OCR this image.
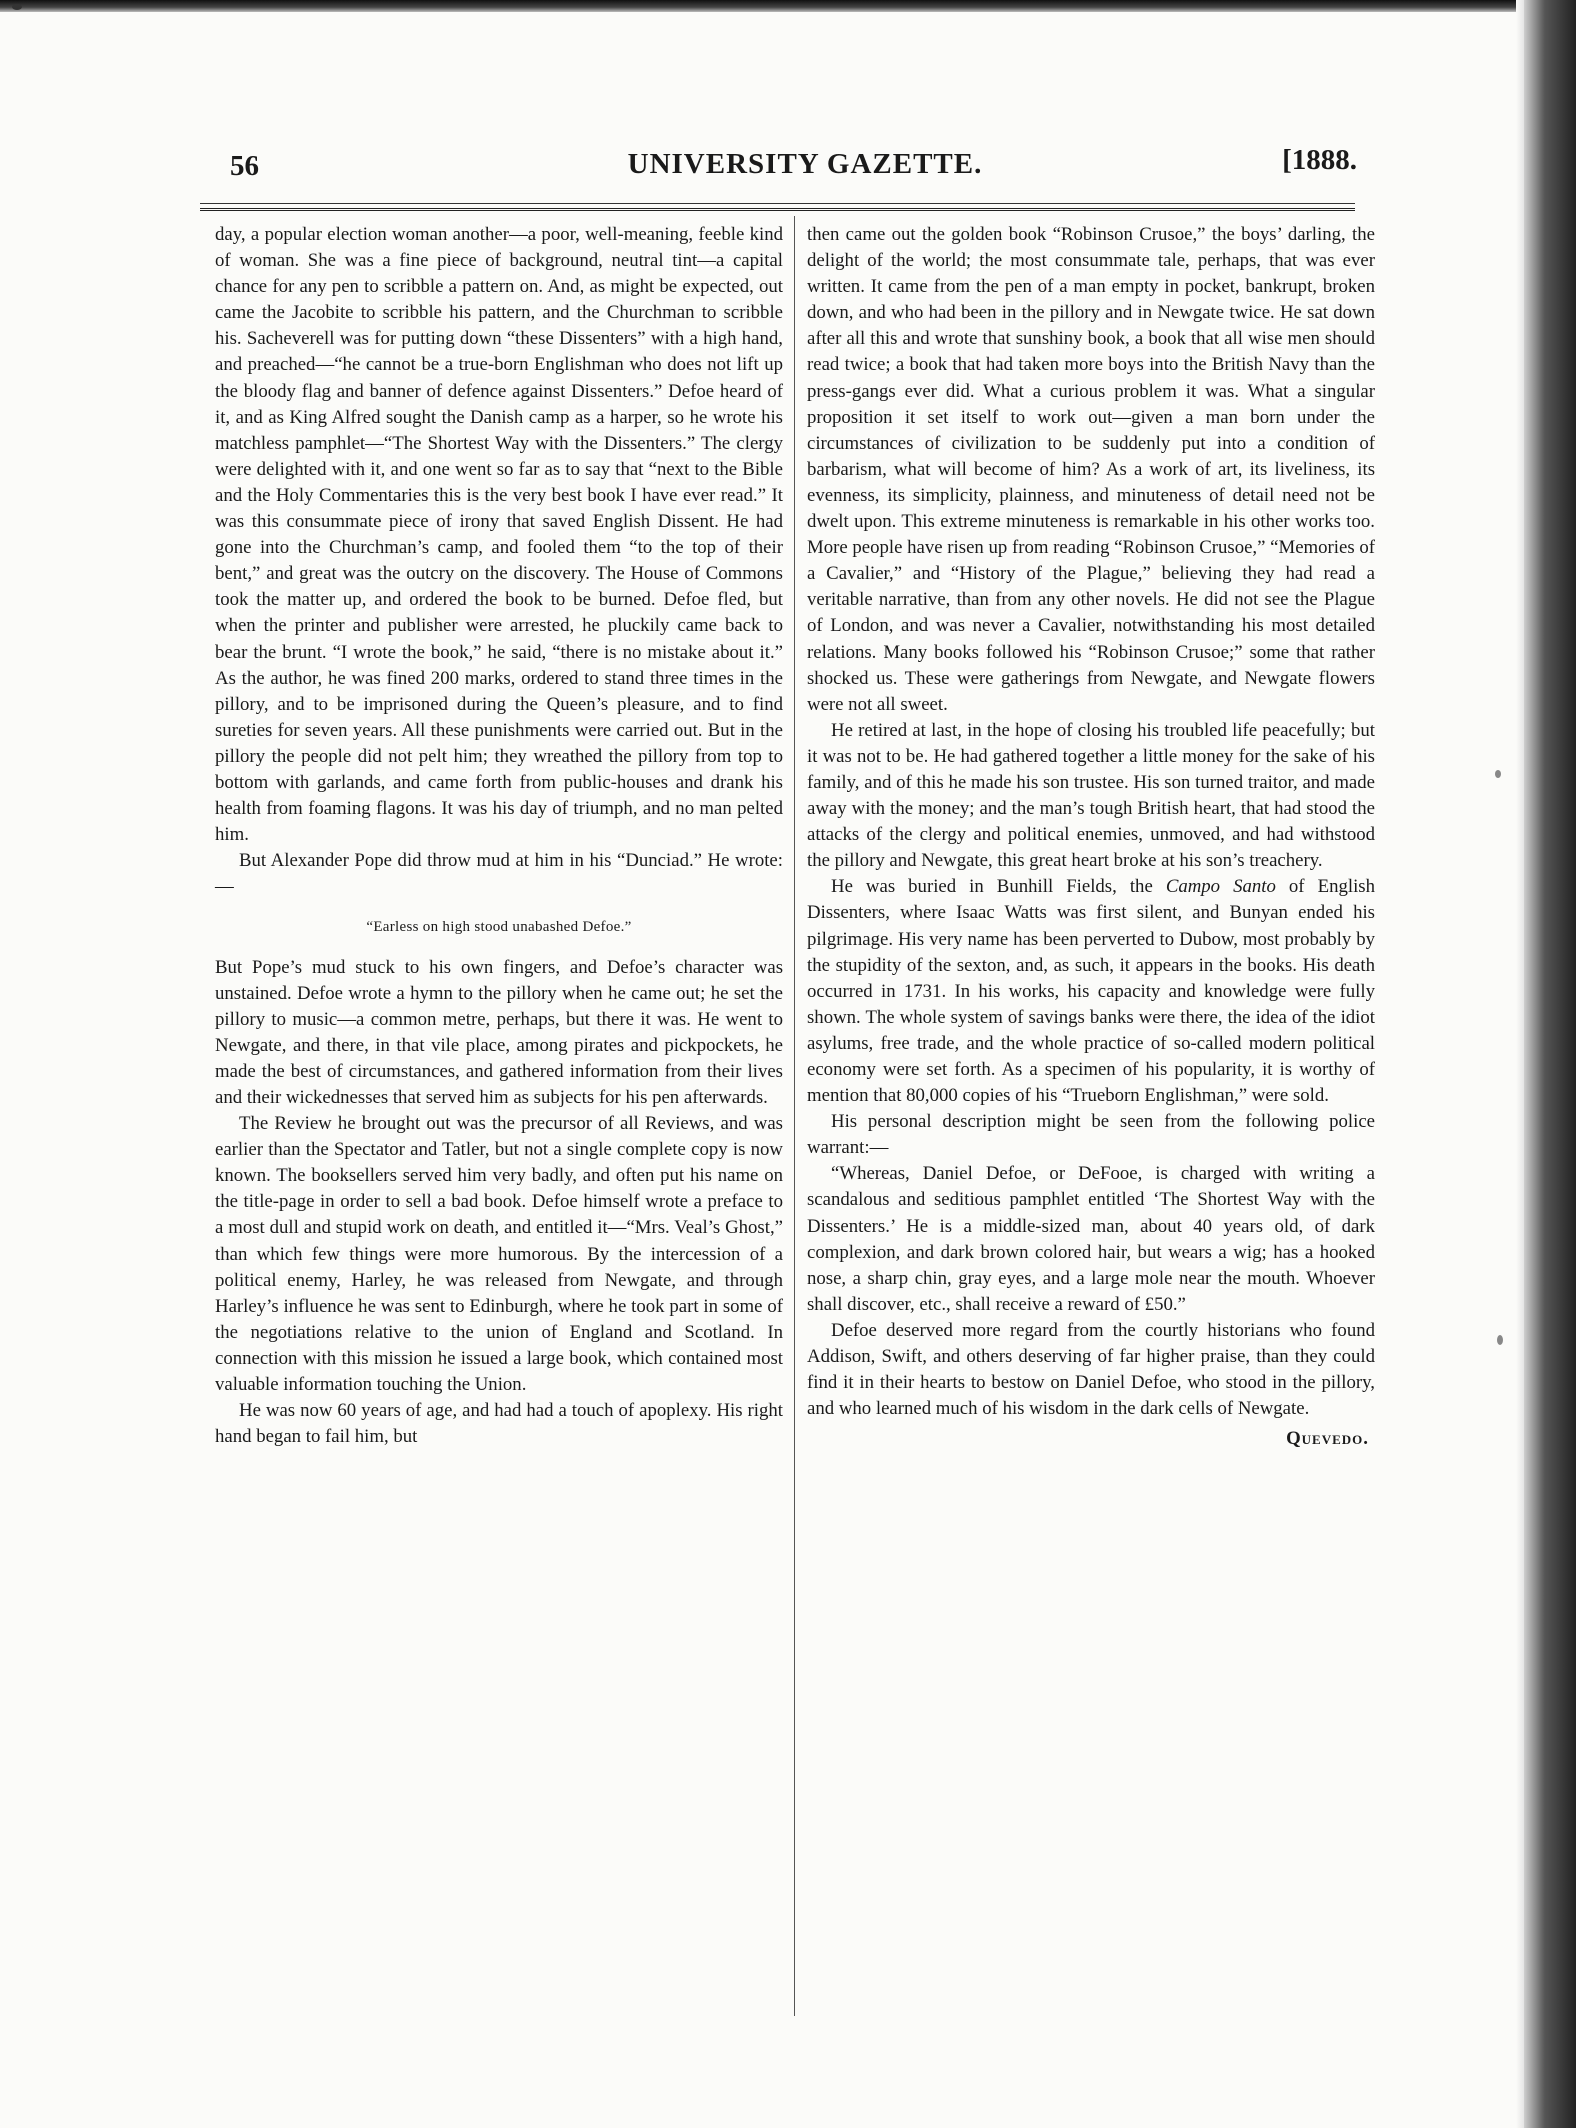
56	UNIVERSITY GAZETTE.	[1888.

day, a popular election woman another—a poor, well-meaning, feeble kind of woman. She was a fine piece of background, neutral tint—a capital chance for any pen to scribble a pattern on. And, as might be expected, out came the Jacobite to scribble his pattern, and the Churchman to scribble his. Sacheverell was for putting down “these Dissenters” with a high hand, and preached—“he cannot be a true-born Englishman who does not lift up the bloody flag and banner of defence against Dissenters.” Defoe heard of it, and as King Alfred sought the Danish camp as a harper, so he wrote his matchless pamphlet—“The Shortest Way with the Dissenters.” The clergy were delighted with it, and one went so far as to say that “next to the Bible and the Holy Commentaries this is the very best book I have ever read.” It was this consummate piece of irony that saved English Dissent. He had gone into the Churchman’s camp, and fooled them “to the top of their bent,” and great was the outcry on the discovery. The House of Commons took the matter up, and ordered the book to be burned. Defoe fled, but when the printer and publisher were arrested, he pluckily came back to bear the brunt. “I wrote the book,” he said, “there is no mistake about it.” As the author, he was fined 200 marks, ordered to stand three times in the pillory, and to be imprisoned during the Queen’s pleasure, and to find sureties for seven years. All these punishments were carried out. But in the pillory the people did not pelt him; they wreathed the pillory from top to bottom with garlands, and came forth from public-houses and drank his health from foaming flagons. It was his day of triumph, and no man pelted him.

But Alexander Pope did throw mud at him in his “Dunciad.” He wrote:—

“Earless on high stood unabashed Defoe.”

But Pope’s mud stuck to his own fingers, and Defoe’s character was unstained. Defoe wrote a hymn to the pillory when he came out; he set the pillory to music—a common metre, perhaps, but there it was. He went to Newgate, and there, in that vile place, among pirates and pickpockets, he made the best of circumstances, and gathered information from their lives and their wickednesses that served him as subjects for his pen afterwards.

The Review he brought out was the precursor of all Reviews, and was earlier than the Spectator and Tatler, but not a single complete copy is now known. The booksellers served him very badly, and often put his name on the title-page in order to sell a bad book. Defoe himself wrote a preface to a most dull and stupid work on death, and entitled it—“Mrs. Veal’s Ghost,” than which few things were more humorous. By the intercession of a political enemy, Harley, he was released from Newgate, and through Harley’s influence he was sent to Edinburgh, where he took part in some of the negotiations relative to the union of England and Scotland. In connection with this mission he issued a large book, which contained most valuable information touching the Union.

He was now 60 years of age, and had had a touch of apoplexy. His right hand began to fail him, but

then came out the golden book “Robinson Crusoe,” the boys’ darling, the delight of the world; the most consummate tale, perhaps, that was ever written. It came from the pen of a man empty in pocket, bankrupt, broken down, and who had been in the pillory and in Newgate twice. He sat down after all this and wrote that sunshiny book, a book that all wise men should read twice; a book that had taken more boys into the British Navy than the press-gangs ever did. What a curious problem it was. What a singular proposition it set itself to work out—given a man born under the circumstances of civilization to be suddenly put into a condition of barbarism, what will become of him? As a work of art, its liveliness, its evenness, its simplicity, plainness, and minuteness of detail need not be dwelt upon. This extreme minuteness is remarkable in his other works too. More people have risen up from reading “Robinson Crusoe,” “Memories of a Cavalier,” and “History of the Plague,” believing they had read a veritable narrative, than from any other novels. He did not see the Plague of London, and was never a Cavalier, notwithstanding his most detailed relations. Many books followed his “Robinson Crusoe;” some that rather shocked us. These were gatherings from Newgate, and Newgate flowers were not all sweet.

He retired at last, in the hope of closing his troubled life peacefully; but it was not to be. He had gathered together a little money for the sake of his family, and of this he made his son trustee. His son turned traitor, and made away with the money; and the man’s tough British heart, that had stood the attacks of the clergy and political enemies, unmoved, and had withstood the pillory and Newgate, this great heart broke at his son’s treachery.

He was buried in Bunhill Fields, the Campo Santo of English Dissenters, where Isaac Watts was first silent, and Bunyan ended his pilgrimage. His very name has been perverted to Dubow, most probably by the stupidity of the sexton, and, as such, it appears in the books. His death occurred in 1731. In his works, his capacity and knowledge were fully shown. The whole system of savings banks were there, the idea of the idiot asylums, free trade, and the whole practice of so-called modern political economy were set forth. As a specimen of his popularity, it is worthy of mention that 80,000 copies of his “Trueborn Englishman,” were sold.

His personal description might be seen from the following police warrant:—

“Whereas, Daniel Defoe, or DeFooe, is charged with writing a scandalous and seditious pamphlet entitled ‘The Shortest Way with the Dissenters.’ He is a middle-sized man, about 40 years old, of dark complexion, and dark brown colored hair, but wears a wig; has a hooked nose, a sharp chin, gray eyes, and a large mole near the mouth. Whoever shall discover, etc., shall receive a reward of £50.”

Defoe deserved more regard from the courtly historians who found Addison, Swift, and others deserving of far higher praise, than they could find it in their hearts to bestow on Daniel Defoe, who stood in the pillory, and who learned much of his wisdom in the dark cells of Newgate.

Quevedo.
